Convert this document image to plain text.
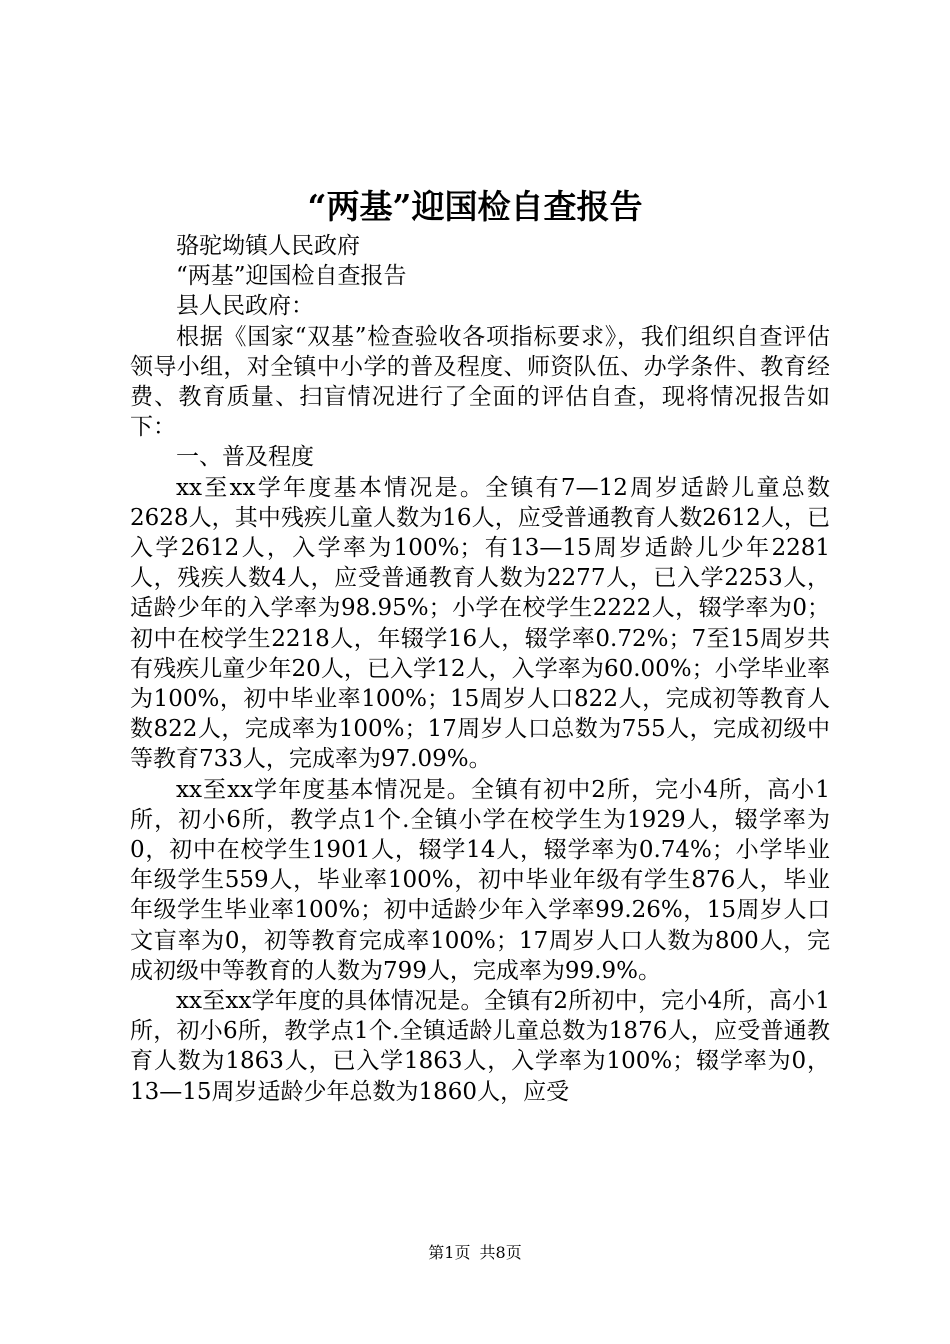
“两基”迎国检自查报告

骆驼坳镇人民政府

“两基”迎国检自查报告

县人民政府：

根据《国家“双基”检查验收各项指标要求》，我们组织自查评估领导小组，对全镇中小学的普及程度、师资队伍、办学条件、教育经费、教育质量、扫盲情况进行了全面的评估自查，现将情况报告如下：

一、普及程度

xx至xx学年度基本情况是。全镇有7—12周岁适龄儿童总数2628人，其中残疾儿童人数为16人，应受普通教育人数2612人，已入学2612人，入学率为100%；有13—15周岁适龄儿少年2281人，残疾人数4人，应受普通教育人数为2277人，已入学2253人，适龄少年的入学率为98.95%；小学在校学生2222人，辍学率为0；初中在校学生2218人，年辍学16人，辍学率0.72%；7至15周岁共有残疾儿童少年20人，已入学12人，入学率为60.00%；小学毕业率为100%，初中毕业率100%；15周岁人口822人，完成初等教育人数822人，完成率为100%；17周岁人口总数为755人，完成初级中等教育733人，完成率为97.09%。

xx至xx学年度基本情况是。全镇有初中2所，完小4所，高小1所，初小6所，教学点1个.全镇小学在校学生为1929人，辍学率为0，初中在校学生1901人，辍学14人，辍学率为0.74%；小学毕业年级学生559人，毕业率100%，初中毕业年级有学生876人，毕业年级学生毕业率100%；初中适龄少年入学率99.26%，15周岁人口文盲率为0，初等教育完成率100%；17周岁人口人数为800人，完成初级中等教育的人数为799人，完成率为99.9%。

xx至xx学年度的具体情况是。全镇有2所初中，完小4所，高小1所，初小6所，教学点1个.全镇适龄儿童总数为1876人，应受普通教育人数为1863人，已入学1863人，入学率为100%；辍学率为0，13—15周岁适龄少年总数为1860人，应受

第1页 共8页
